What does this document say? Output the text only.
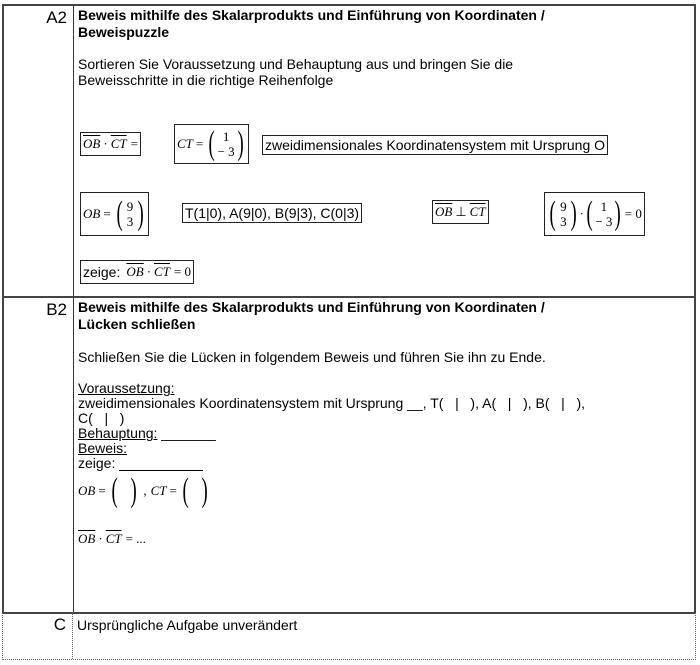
A2 Beweis mithilfe des Skalarprodukts und Einführung von Koordinaten /
Beweispuzzle
Sortieren Sie Voraussetzung und Behauptung aus und bringen Sie die
Beweisschritte in die richtige Reihenfolge
$\overline{OB} \cdot \overline{CT}$ =	CT = ( 1
− 3 ) zweidimensionales Koordinatensystem mit Ursprung O
OB = ( 9
3 )	T(1|0), A(9|0), B(9|3), C(0|3)	$\overline{OB}$ ⊥ $\overline{CT}$ ( 9
3 ) · ( 1
− 3 ) = 0
zeige: $\overline{OB} \cdot \overline{CT} = 0$
B2 Beweis mithilfe des Skalarprodukts und Einführung von Koordinaten /
Lücken schließen
Schließen Sie die Lücken in folgendem Beweis und führen Sie ihn zu Ende.
Voraussetzung:
zweidimensionales Koordinatensystem mit Ursprung __, T(   |   ), A(   |   ), B(   |   ),
C(   |   )
Behauptung: _______
Beweis:
zeige:
OB = ( ) , CT = ( )
$\overline{OB} \cdot \overline{CT}$ = ...
C Ursprüngliche Aufgabe unverändert
